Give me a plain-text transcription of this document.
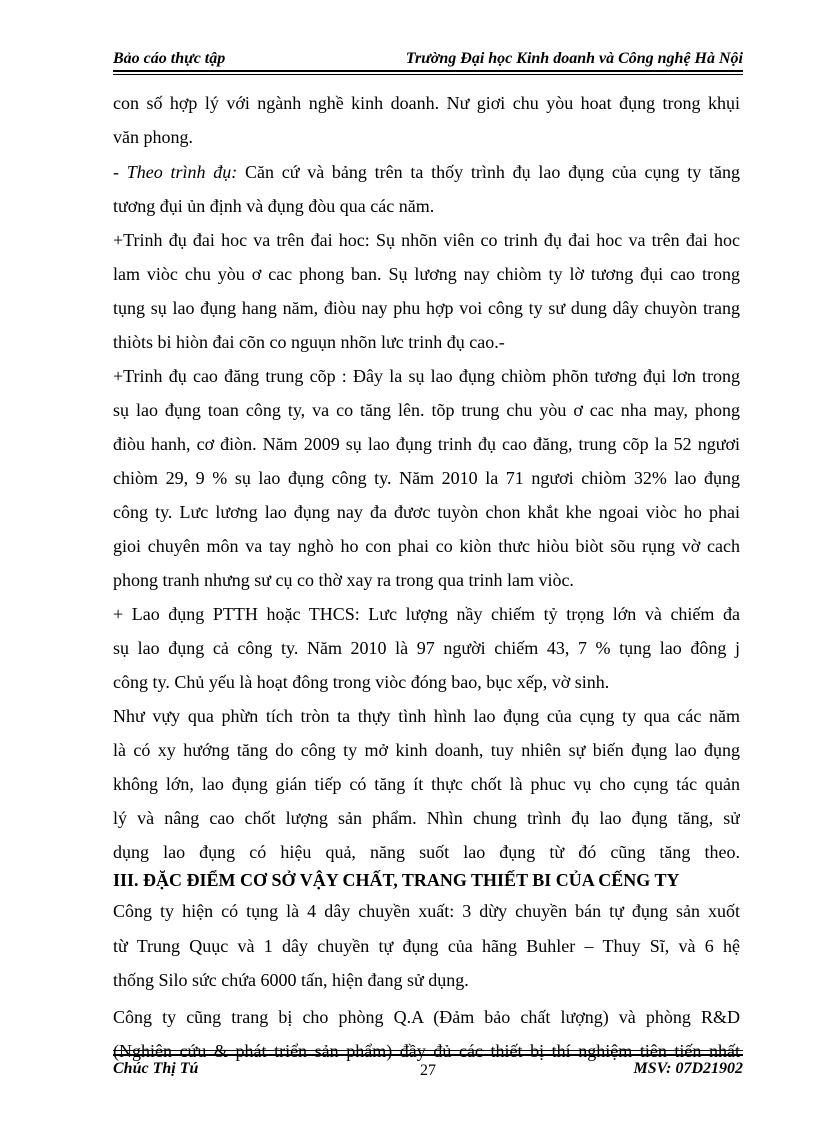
Bảo cáo thực tập	Trường Đại học Kinh doanh và Công nghệ Hà Nội
con số hợp lý với ngành nghề kinh doanh. Nư giơi chu yòu hoat đụng trong khụi
văn phong.
- Theo trình đụ: Căn cứ và bảng trên ta thốy trình đụ lao đụng của cụng ty tăng
tương đụi ủn định và đụng đòu qua các năm.
+Trinh đụ đai hoc va trên đai hoc: Sụ nhõn viên co trinh đụ đai hoc va trên đai hoc
lam viòc chu yòu ơ cac phong ban. Sụ lương nay chiòm ty lờ tương đụi cao trong
tụng sụ lao đụng hang năm, điòu nay phu hợp voi công ty sư dung dây chuyòn trang
thiòts bi hiòn đai cõn co nguụn nhõn lưc trinh đụ cao.-
+Trinh đụ cao đăng trung cõp : Đây la sụ lao đụng chiòm phõn tương đụi lơn trong
sụ lao đụng toan công ty, va co tăng lên. tõp trung chu yòu ơ cac nha may, phong
điòu hanh, cơ điòn. Năm 2009 sụ lao đụng trinh đụ cao đăng, trung cõp la 52 ngươi
chiòm 29, 9 % sụ lao đụng công ty. Năm 2010 la 71 ngươi chiòm 32% lao đụng
công ty. Lưc lương lao đụng nay đa đươc tuyòn chon khắt khe ngoai viòc ho phai
gioi chuyên môn va tay nghò ho con phai co kiòn thưc hiòu biòt sõu rụng vờ cach
phong tranh nhưng sư cụ co thờ xay ra trong qua trinh lam viòc.
+ Lao đụng PTTH hoặc THCS: Lưc lượng nầy chiếm tỷ trọng lớn và chiếm đa
sụ lao đụng cả công ty. Năm 2010 là 97 người chiếm 43, 7 % tụng lao đông j
công ty. Chủ yếu là hoạt đông trong viòc đóng bao, bục xếp, vờ sinh.
Như vựy qua phừn tích tròn ta thựy tình hình lao đụng của cụng ty qua các năm
là có xy hướng tăng do công ty mở kinh doanh, tuy nhiên sự biến đụng lao đụng
không lớn, lao đụng gián tiếp có tăng ít thực chốt là phuc vụ cho cụng tác quản
lý và nâng cao chốt lượng sản phẩm. Nhìn chung trình đụ lao đụng tăng, sử
dụng lao đụng có hiệu quả, năng suốt lao đụng từ đó cũng tăng theo.
III. ĐẶC ĐIỂM CƠ SỞ VẬY CHẤT, TRANG THIẾT BI CỦA CẾNG TY
Công ty hiện có tụng là 4 dây chuyền xuất: 3 dừy chuyền bán tự đụng sản xuốt
từ Trung Quục và 1 dây chuyền tự đụng của hãng Buhler – Thuy Sĩ, và 6 hệ
thống Silo sức chứa 6000 tấn, hiện đang sử dụng.
Công ty cũng trang bị cho phòng Q.A (Đảm bảo chất lượng) và phòng R&D
(Nghiên cứu & phát triển sản phẩm) đầy đủ các thiết bị thí nghiệm tiên tiến nhất
Chúc Thị Tú	27	MSV: 07D21902
